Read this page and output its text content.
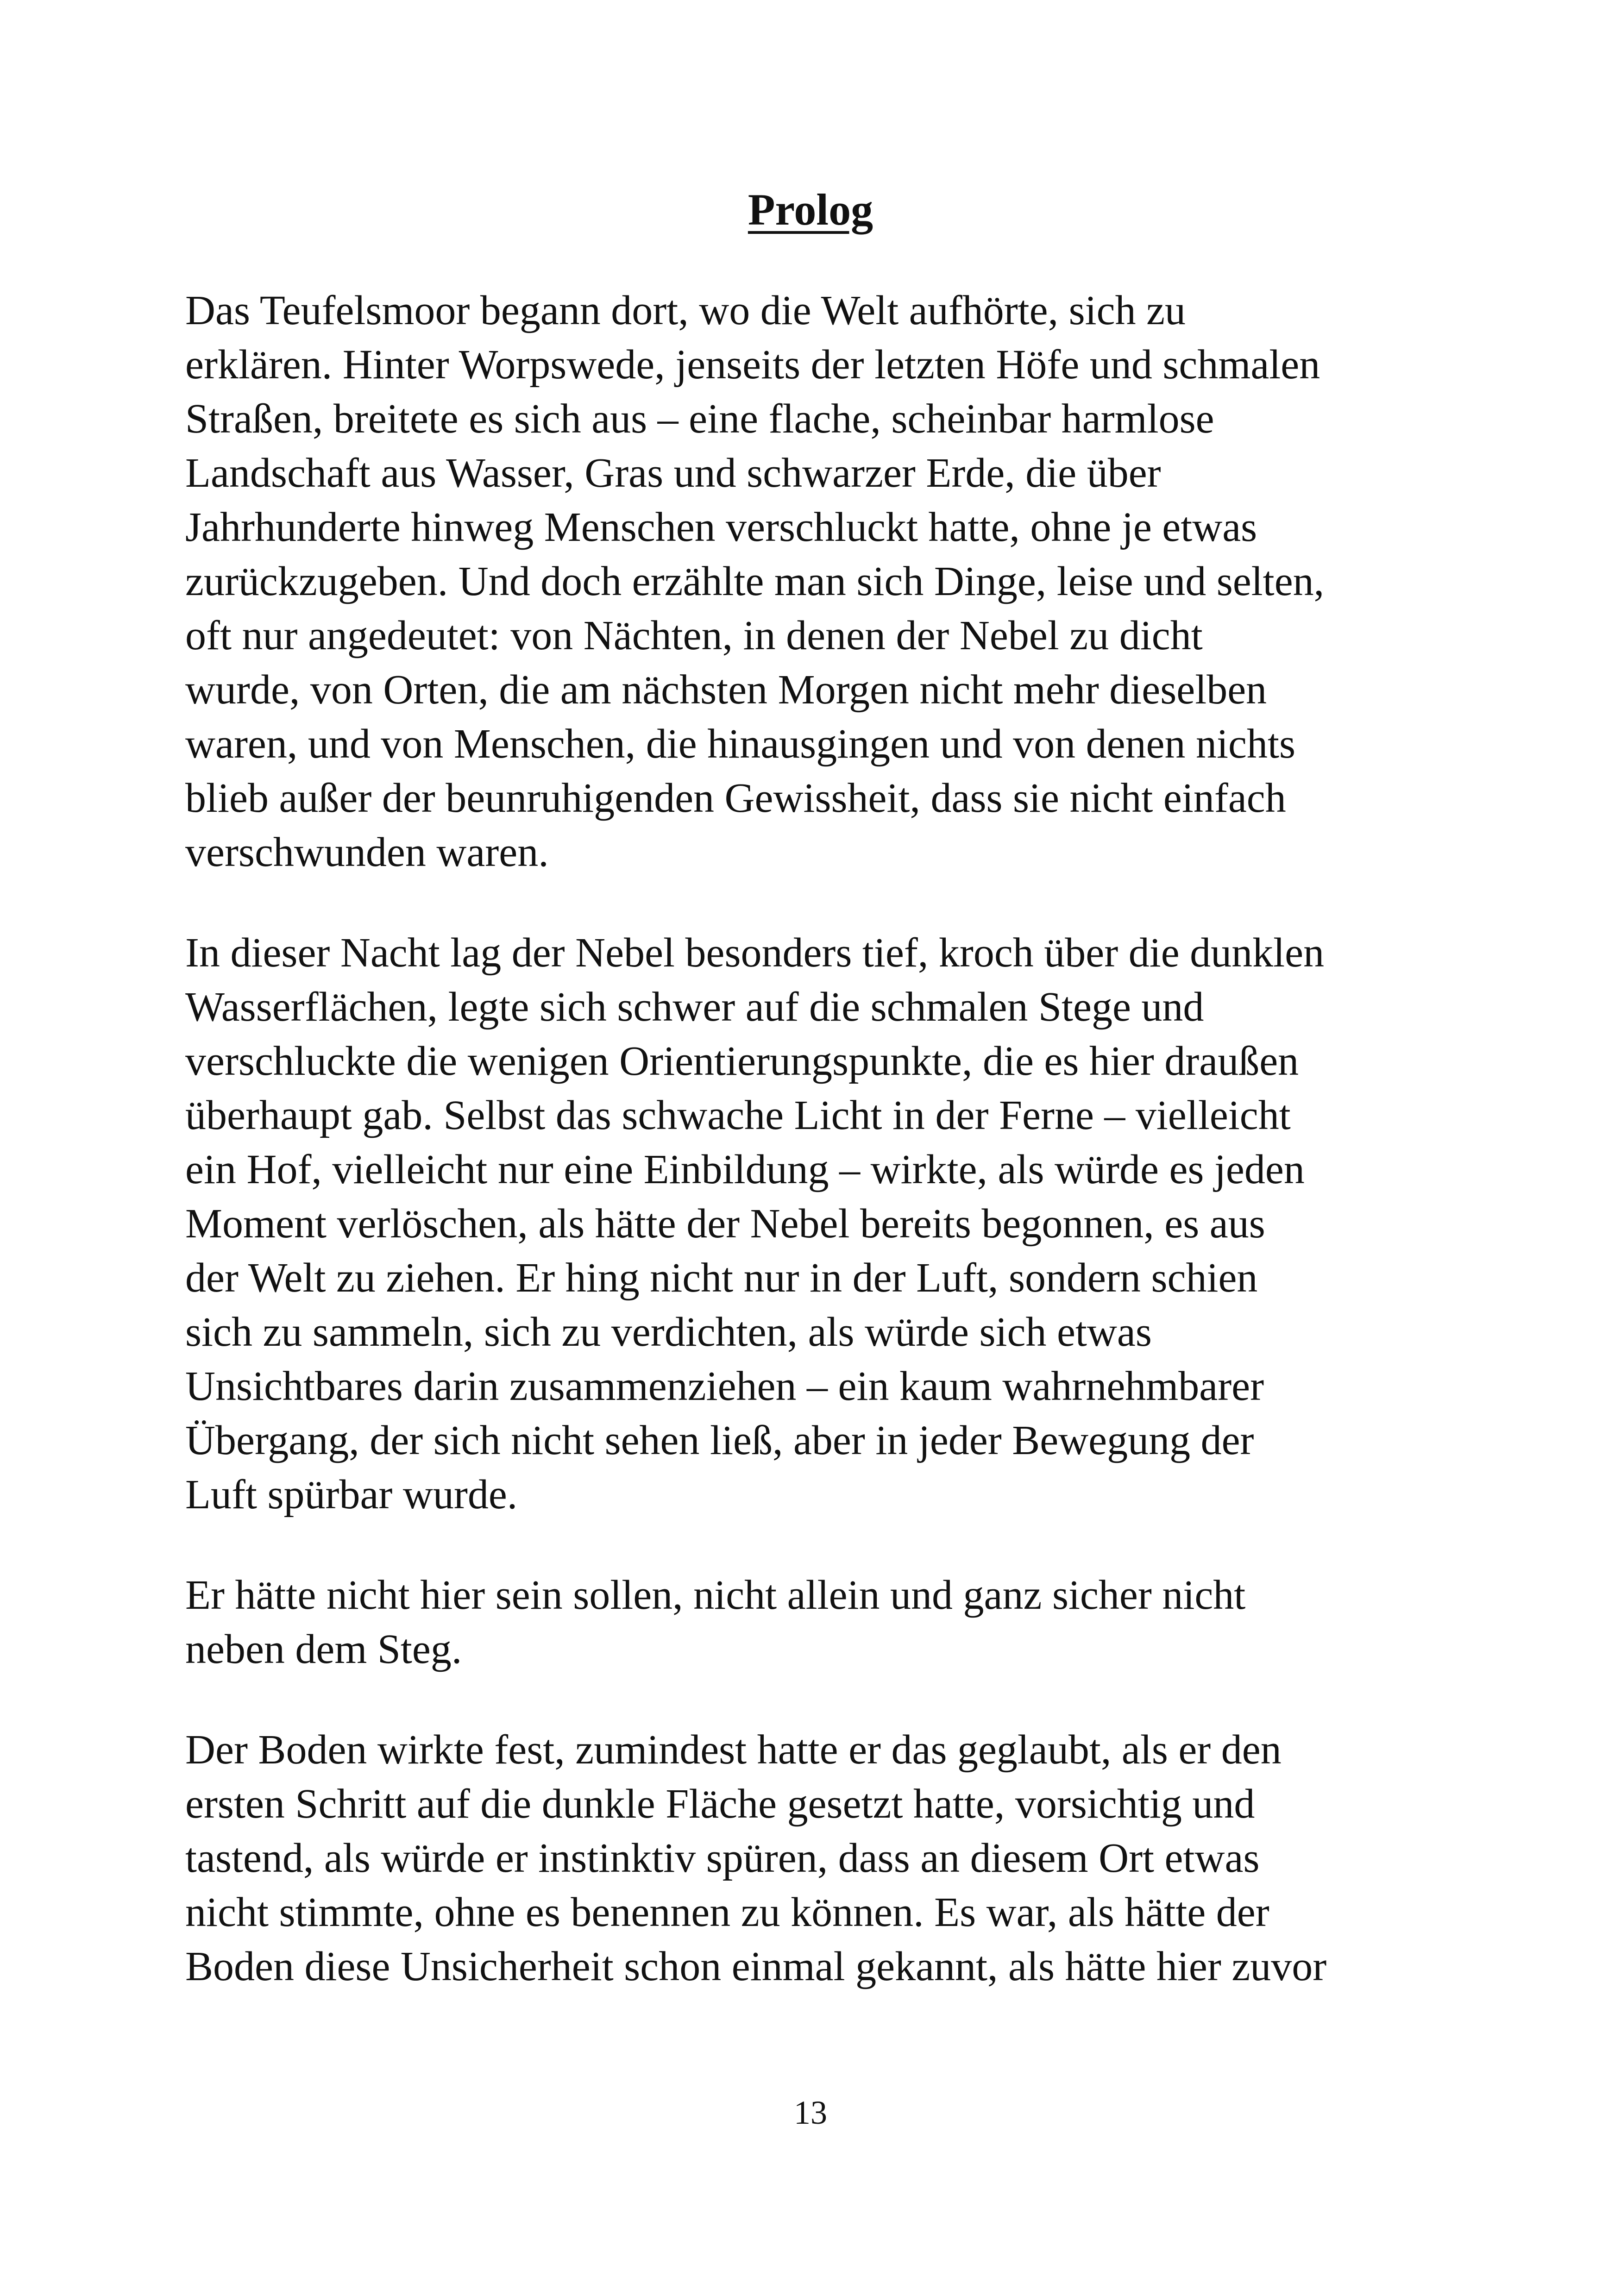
Prolog

Das Teufelsmoor begann dort, wo die Welt aufhörte, sich zu
erklären. Hinter Worpswede, jenseits der letzten Höfe und schmalen
Straßen, breitete es sich aus – eine flache, scheinbar harmlose
Landschaft aus Wasser, Gras und schwarzer Erde, die über
Jahrhunderte hinweg Menschen verschluckt hatte, ohne je etwas
zurückzugeben. Und doch erzählte man sich Dinge, leise und selten,
oft nur angedeutet: von Nächten, in denen der Nebel zu dicht
wurde, von Orten, die am nächsten Morgen nicht mehr dieselben
waren, und von Menschen, die hinausgingen und von denen nichts
blieb außer der beunruhigenden Gewissheit, dass sie nicht einfach
verschwunden waren.

In dieser Nacht lag der Nebel besonders tief, kroch über die dunklen
Wasserflächen, legte sich schwer auf die schmalen Stege und
verschluckte die wenigen Orientierungspunkte, die es hier draußen
überhaupt gab. Selbst das schwache Licht in der Ferne – vielleicht
ein Hof, vielleicht nur eine Einbildung – wirkte, als würde es jeden
Moment verlöschen, als hätte der Nebel bereits begonnen, es aus
der Welt zu ziehen. Er hing nicht nur in der Luft, sondern schien
sich zu sammeln, sich zu verdichten, als würde sich etwas
Unsichtbares darin zusammenziehen – ein kaum wahrnehmbarer
Übergang, der sich nicht sehen ließ, aber in jeder Bewegung der
Luft spürbar wurde.

Er hätte nicht hier sein sollen, nicht allein und ganz sicher nicht
neben dem Steg.

Der Boden wirkte fest, zumindest hatte er das geglaubt, als er den
ersten Schritt auf die dunkle Fläche gesetzt hatte, vorsichtig und
tastend, als würde er instinktiv spüren, dass an diesem Ort etwas
nicht stimmte, ohne es benennen zu können. Es war, als hätte der
Boden diese Unsicherheit schon einmal gekannt, als hätte hier zuvor

13
